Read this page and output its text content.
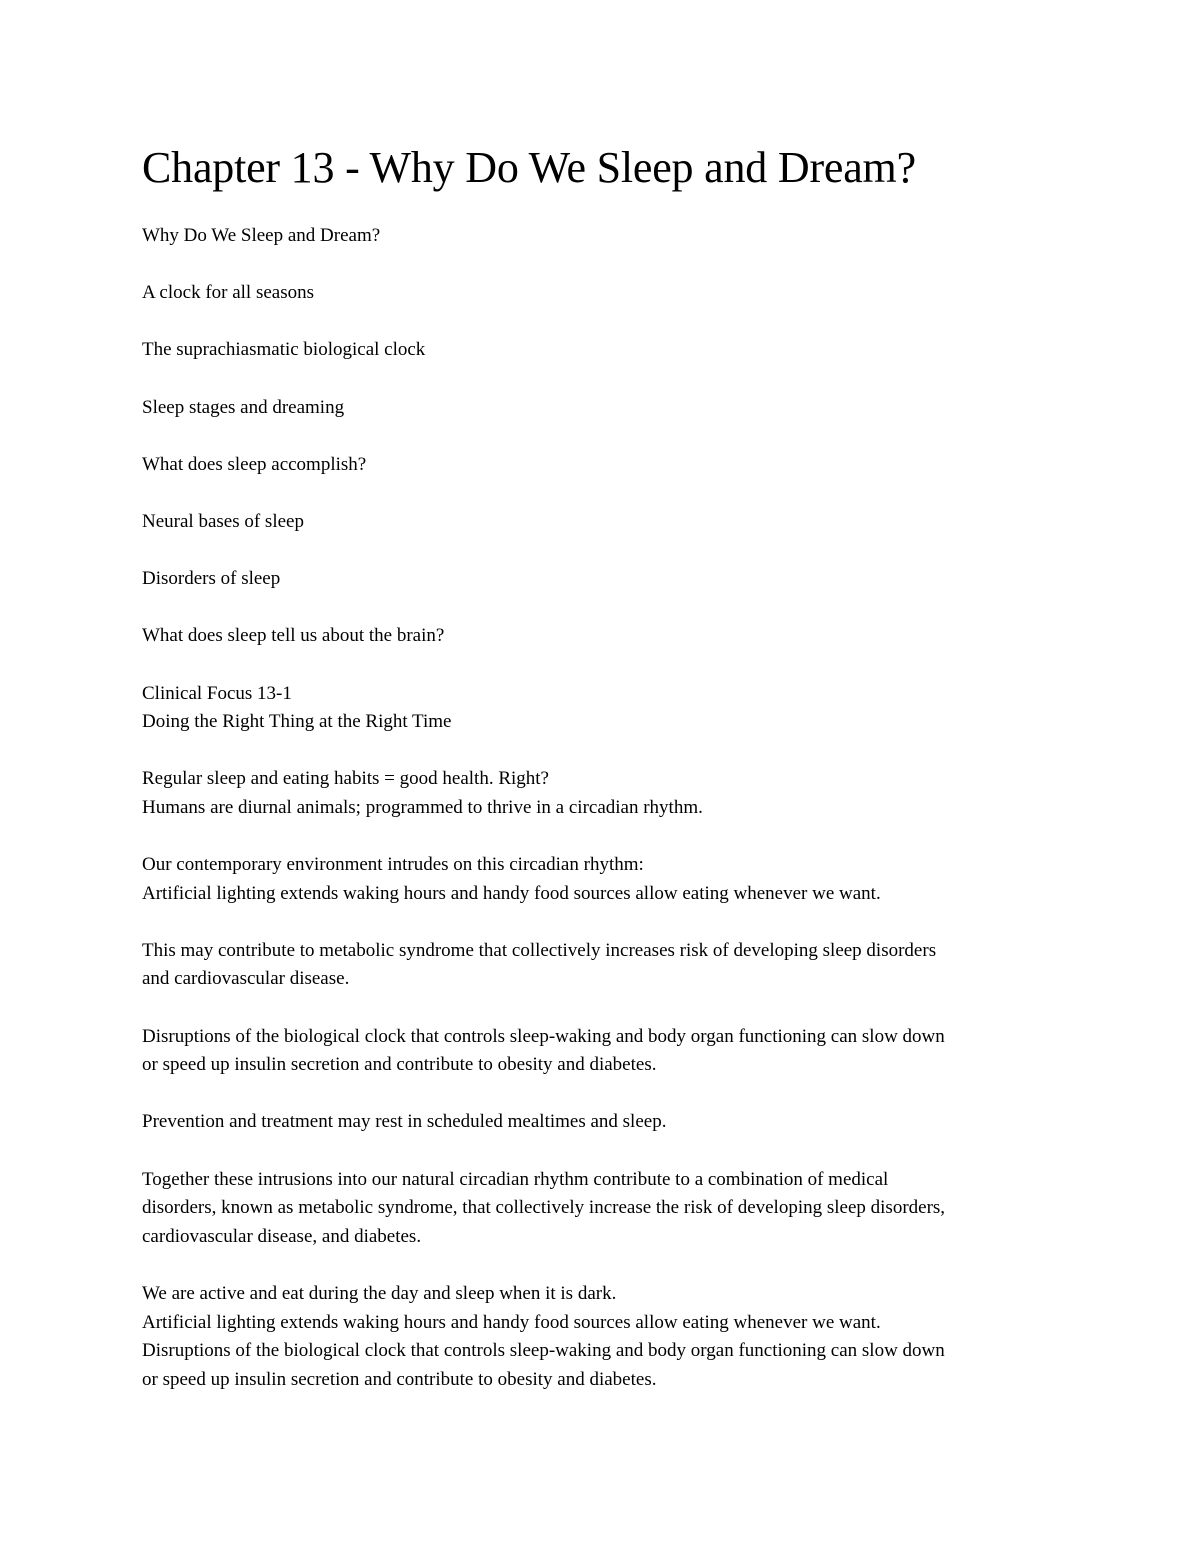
Chapter 13 - Why Do We Sleep and Dream?
Why Do We Sleep and Dream?
A clock for all seasons
The suprachiasmatic biological clock
Sleep stages and dreaming
What does sleep accomplish?
Neural bases of sleep
Disorders of sleep
What does sleep tell us about the brain?
Clinical Focus 13-1
Doing the Right Thing at the Right Time
Regular sleep and eating habits = good health. Right?
Humans are diurnal animals; programmed to thrive in a circadian rhythm.
Our contemporary environment intrudes on this circadian rhythm:
Artificial lighting extends waking hours and handy food sources allow eating whenever we want.
This may contribute to metabolic syndrome that collectively increases risk of developing sleep disorders
and cardiovascular disease.
Disruptions of the biological clock that controls sleep-waking and body organ functioning can slow down
or speed up insulin secretion and contribute to obesity and diabetes.
Prevention and treatment may rest in scheduled mealtimes and sleep.
Together these intrusions into our natural circadian rhythm contribute to a combination of medical
disorders, known as metabolic syndrome, that collectively increase the risk of developing sleep disorders,
cardiovascular disease, and diabetes.
We are active and eat during the day and sleep when it is dark.
Artificial lighting extends waking hours and handy food sources allow eating whenever we want.
Disruptions of the biological clock that controls sleep-waking and body organ functioning can slow down
or speed up insulin secretion and contribute to obesity and diabetes.
